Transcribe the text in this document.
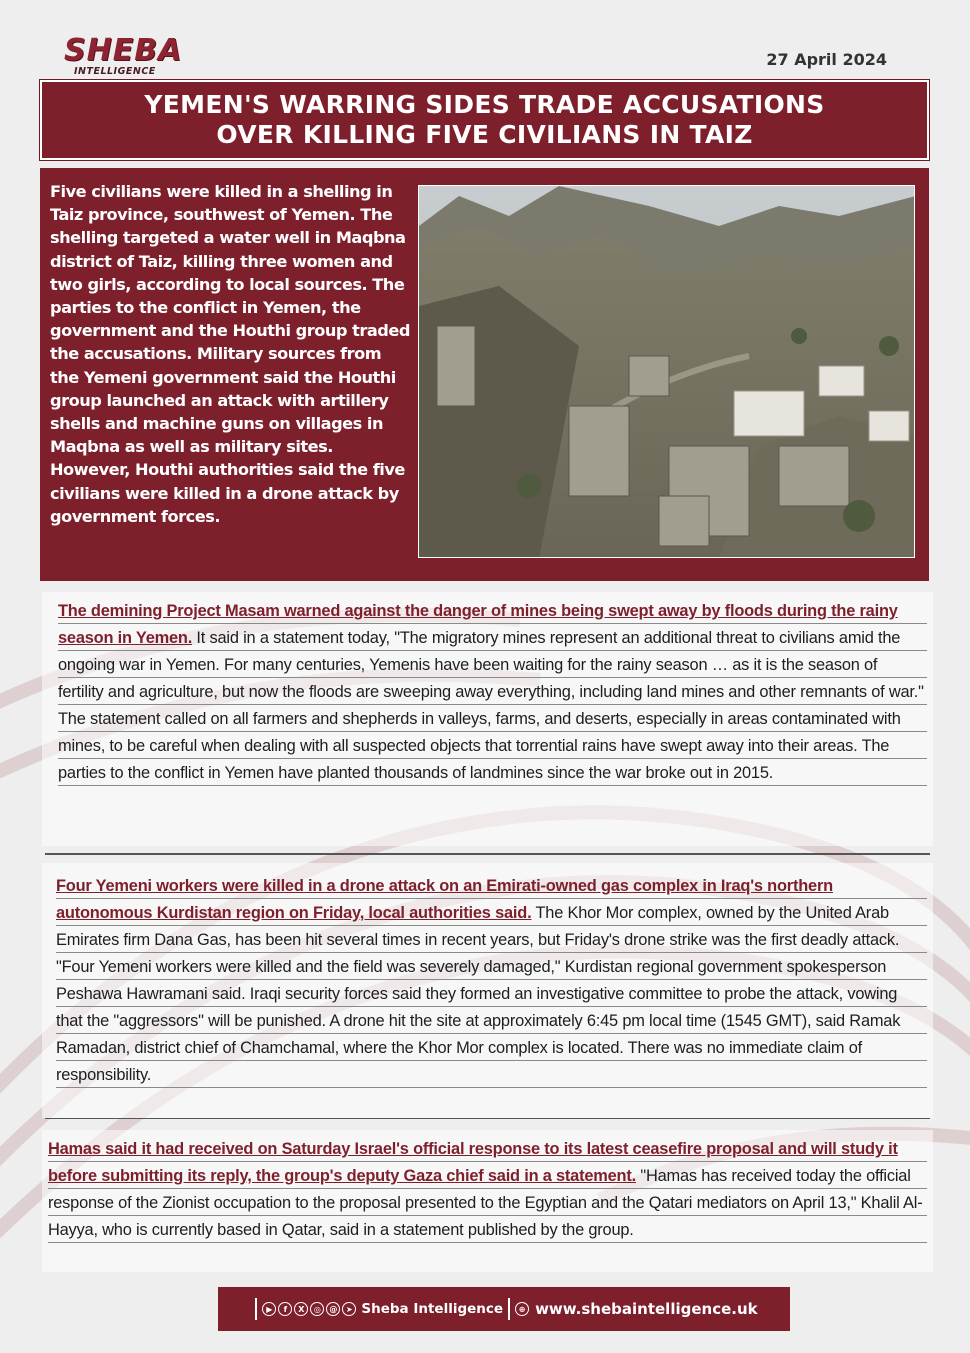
SHEBA
INTELLIGENCE
27 April 2024
YEMEN'S WARRING SIDES TRADE ACCUSATIONS
OVER KILLING FIVE CIVILIANS IN TAIZ
Five civilians were killed in a shelling in Taiz province, southwest of Yemen. The shelling targeted a water well in Maqbna district of Taiz, killing three women and two girls, according to local sources. The parties to the conflict in Yemen, the government and the Houthi group traded the accusations. Military sources from the Yemeni government said the Houthi group launched an attack with artillery shells and machine guns on villages in Maqbna as well as military sites. However, Houthi authorities said the five civilians were killed in a drone attack by government forces.

The demining Project Masam warned against the danger of mines being swept away by floods during the rainy season in Yemen. It said in a statement today, "The migratory mines represent an additional threat to civilians amid the ongoing war in Yemen. For many centuries, Yemenis have been waiting for the rainy season … as it is the season of fertility and agriculture, but now the floods are sweeping away everything, including land mines and other remnants of war." The statement called on all farmers and shepherds in valleys, farms, and deserts, especially in areas contaminated with mines, to be careful when dealing with all suspected objects that torrential rains have swept away into their areas. The parties to the conflict in Yemen have planted thousands of landmines since the war broke out in 2015.

Four Yemeni workers were killed in a drone attack on an Emirati-owned gas complex in Iraq's northern autonomous Kurdistan region on Friday, local authorities said. The Khor Mor complex, owned by the United Arab Emirates firm Dana Gas, has been hit several times in recent years, but Friday's drone strike was the first deadly attack. "Four Yemeni workers were killed and the field was severely damaged," Kurdistan regional government spokesperson Peshawa Hawramani said. Iraqi security forces said they formed an investigative committee to probe the attack, vowing that the "aggressors" will be punished. A drone hit the site at approximately 6:45 pm local time (1545 GMT), said Ramak Ramadan, district chief of Chamchamal, where the Khor Mor complex is located. There was no immediate claim of responsibility.

Hamas said it had received on Saturday Israel's official response to its latest ceasefire proposal and will study it before submitting its reply, the group's deputy Gaza chief said in a statement. "Hamas has received today the official response of the Zionist occupation to the proposal presented to the Egyptian and the Qatari mediators on April 13," Khalil Al-Hayya, who is currently based in Qatar, said in a statement published by the group.

▶	f	X	◎	@	➤ Sheba Intelligence	⊕ www.shebaintelligence.uk
